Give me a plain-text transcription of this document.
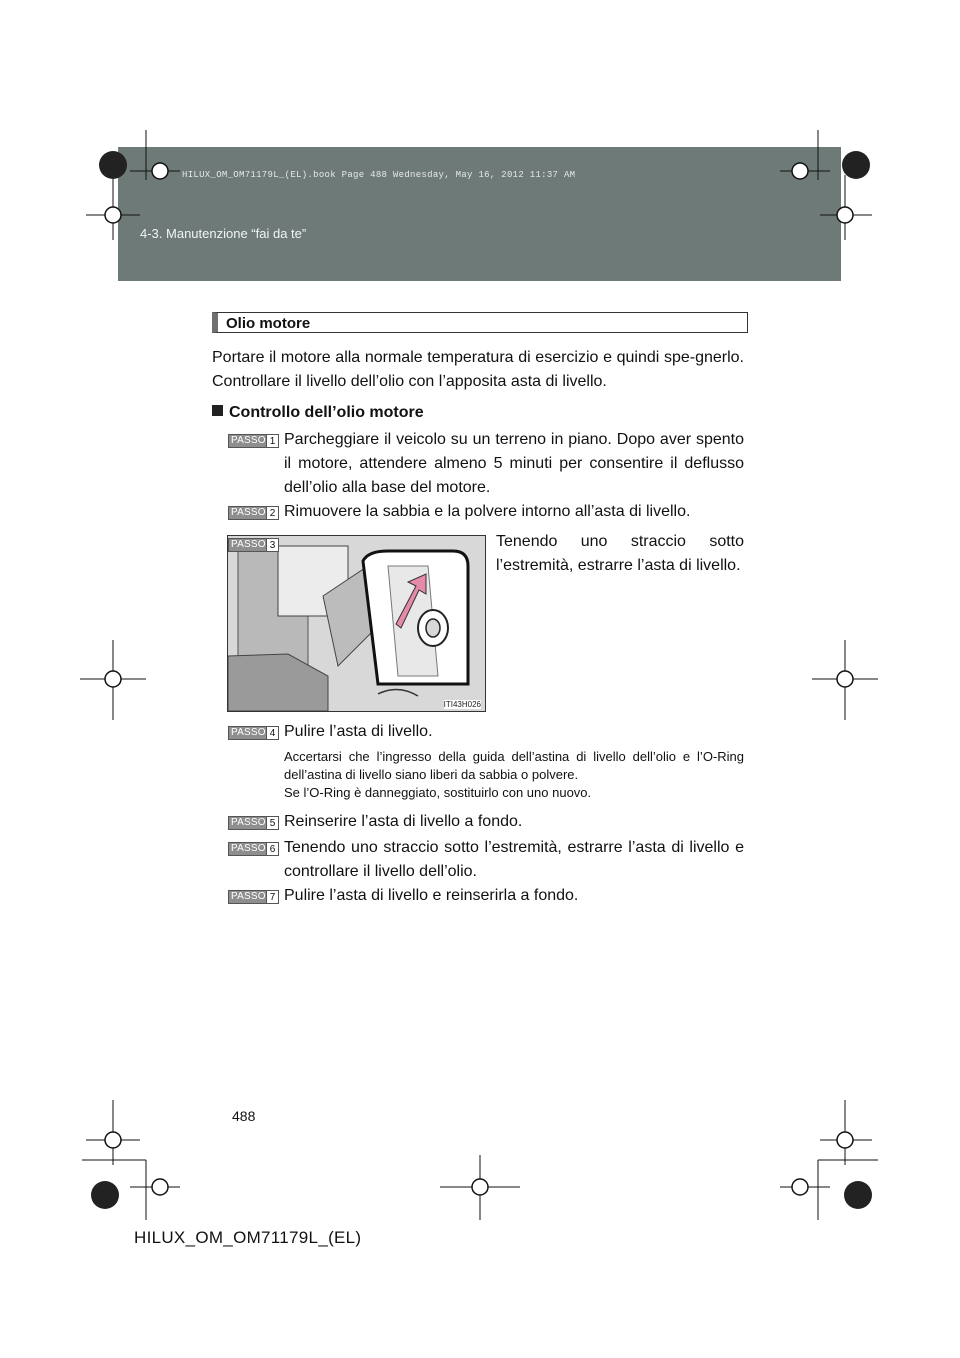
HILUX_OM_OM71179L_(EL).book Page 488 Wednesday, May 16, 2012 11:37 AM
4-3. Manutenzione “fai da te”
Olio motore
Portare il motore alla normale temperatura di esercizio e quindi spe-gnerlo. Controllare il livello dell’olio con l’apposita asta di livello.
Controllo dell’olio motore
PASSO 1 Parcheggiare il veicolo su un terreno in piano. Dopo aver spento il motore, attendere almeno 5 minuti per consentire il deflusso dell’olio alla base del motore.
PASSO 2 Rimuovere la sabbia e la polvere intorno all’asta di livello.
ITI43H026
PASSO 3	Tenendo uno straccio sotto l’estremità, estrarre l’asta di livello.
PASSO 4 Pulire l’asta di livello.
Accertarsi che l’ingresso della guida dell’astina di livello dell’olio e l’O-Ring dell’astina di livello siano liberi da sabbia o polvere.
Se l’O-Ring è danneggiato, sostituirlo con uno nuovo.
PASSO 5 Reinserire l’asta di livello a fondo.
PASSO 6 Tenendo uno straccio sotto l’estremità, estrarre l’asta di livello e controllare il livello dell’olio.
PASSO 7 Pulire l’asta di livello e reinserirla a fondo.
488
HILUX_OM_OM71179L_(EL)
